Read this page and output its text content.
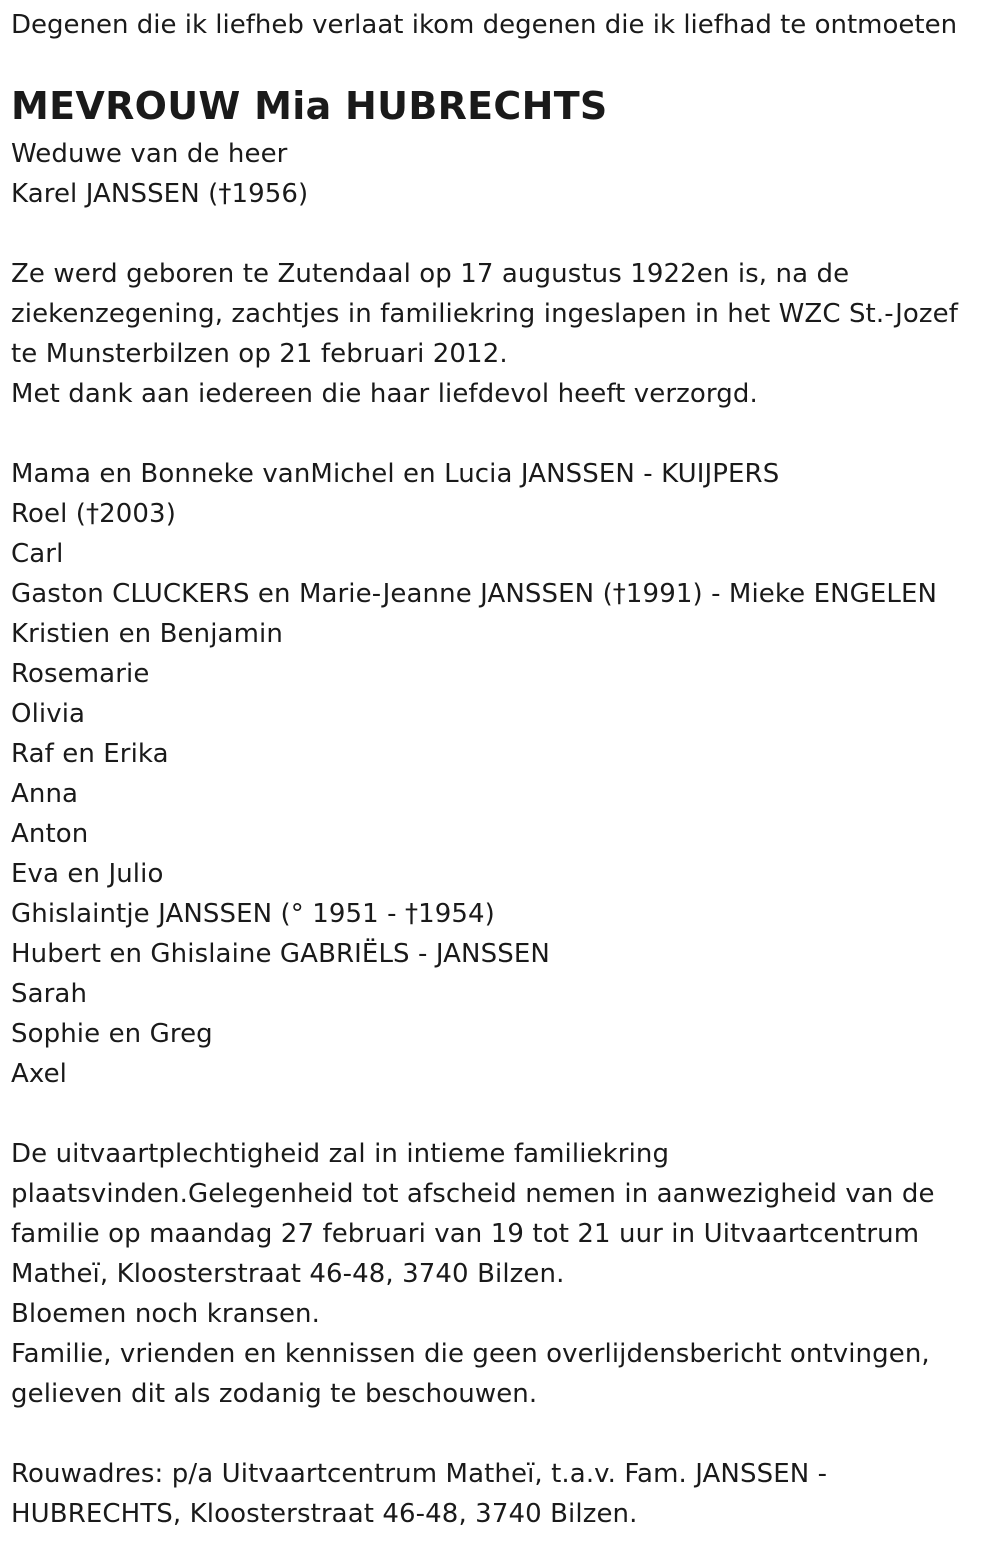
Degenen die ik liefheb verlaat ikom degenen die ik liefhad te ontmoeten
MEVROUW Mia HUBRECHTS
Weduwe van de heer
Karel JANSSEN (†1956)
Ze werd geboren te Zutendaal op 17 augustus 1922en is, na de
ziekenzegening, zachtjes in familiekring ingeslapen in het WZC St.-Jozef
te Munsterbilzen op 21 februari 2012.
Met dank aan iedereen die haar liefdevol heeft verzorgd.
Mama en Bonneke vanMichel en Lucia JANSSEN - KUIJPERS
Roel (†2003)
Carl
Gaston CLUCKERS en Marie-Jeanne JANSSEN (†1991) - Mieke ENGELEN
Kristien en Benjamin
Rosemarie
Olivia
Raf en Erika
Anna
Anton
Eva en Julio
Ghislaintje JANSSEN (° 1951 - †1954)
Hubert en Ghislaine GABRIËLS - JANSSEN
Sarah
Sophie en Greg
Axel
De uitvaartplechtigheid zal in intieme familiekring
plaatsvinden.Gelegenheid tot afscheid nemen in aanwezigheid van de
familie op maandag 27 februari van 19 tot 21 uur in Uitvaartcentrum
Matheï, Kloosterstraat 46-48, 3740 Bilzen.
Bloemen noch kransen.
Familie, vrienden en kennissen die geen overlijdensbericht ontvingen,
gelieven dit als zodanig te beschouwen.
Rouwadres: p/a Uitvaartcentrum Matheï, t.a.v. Fam. JANSSEN -
HUBRECHTS, Kloosterstraat 46-48, 3740 Bilzen.
